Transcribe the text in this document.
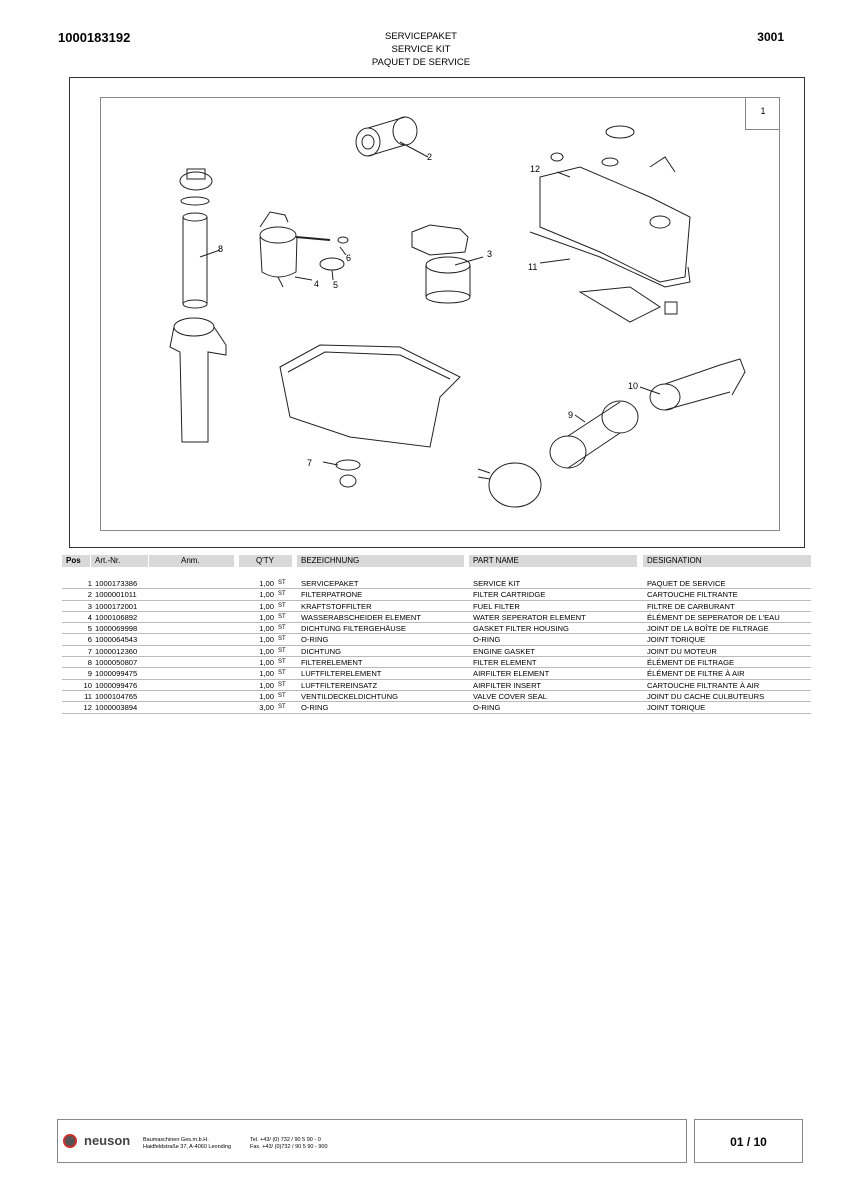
1000183192	SERVICEPAKET
SERVICE KIT
PAQUET DE SERVICE
3001
1
2
3
4 5
6
7
8
9
10
11
12
Pos	Art.-Nr.	Anm.	Q'TY	BEZEICHNUNG	PART NAME	DESIGNATION
1 1000173386	1,00 ST SERVICEPAKET	SERVICE KIT	PAQUET DE SERVICE
2 1000001011	1,00 ST FILTERPATRONE	FILTER CARTRIDGE	CARTOUCHE FILTRANTE
3 1000172001	1,00 ST KRAFTSTOFFILTER	FUEL FILTER	FILTRE DE CARBURANT
4 1000106892	1,00 ST WASSERABSCHEIDER ELEMENT	WATER SEPERATOR ELEMENT	ÉLÉMENT DE SEPERATOR DE L'EAU
5 1000069998	1,00 ST DICHTUNG FILTERGEHÄUSE	GASKET FILTER HOUSING	JOINT DE LA BOÎTE DE FILTRAGE
6 1000064543	1,00 ST O-RING	O-RING	JOINT TORIQUE
7 1000012360	1,00 ST DICHTUNG	ENGINE GASKET	JOINT DU MOTEUR
8 1000050807	1,00 ST FILTERELEMENT	FILTER ELEMENT	ÉLÉMENT DE FILTRAGE
9 1000099475	1,00 ST LUFTFILTERELEMENT	AIRFILTER ELEMENT	ÉLÉMENT DE FILTRE À AIR
10 1000099476	1,00 ST LUFTFILTEREINSATZ	AIRFILTER INSERT	CARTOUCHE FILTRANTE À AIR
11 1000104765	1,00 ST VENTILDECKELDICHTUNG	VALVE COVER SEAL	JOINT DU CACHE CULBUTEURS
12 1000003894	3,00 ST O-RING	O-RING	JOINT TORIQUE
neuson Baumaschinen Ges.m.b.H.
Haidfeldstraße 37, A-4060 Leonding
Tel. +43/ (0) 732 / 90 5 90 - 0
Fax. +43/ (0)732 / 90 5 90 - 900	01 / 10
